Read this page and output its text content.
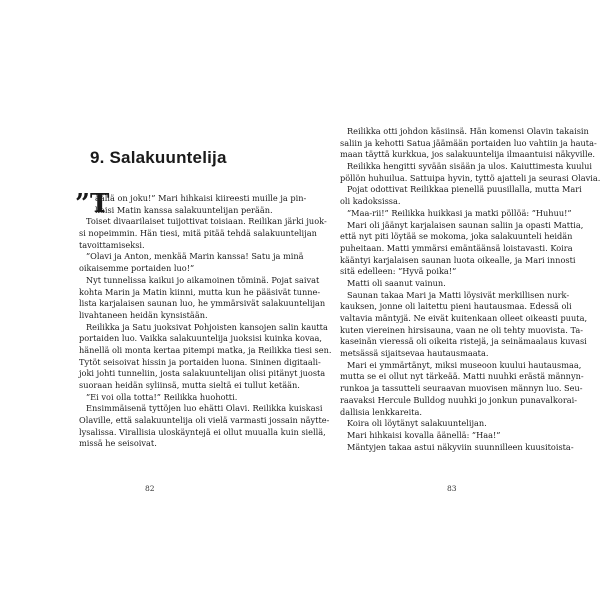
9. Salakuuntelija
”T
äällä on joku!” Mari hihkaisi kiireesti muille ja pin-
kaisi Matin kanssa salakuuntelijan perään.
Toiset divaarilaiset tuijottivat toisiaan. Reilikan järki juok-
si nopeimmin. Hän tiesi, mitä pitää tehdä salakuuntelijan
tavoittamiseksi.
”Olavi ja Anton, menkää Marin kanssa! Satu ja minä
oikaisemme portaiden luo!”
Nyt tunnelissa kaikui jo aikamoinen töminä. Pojat saivat
kohta Marin ja Matin kiinni, mutta kun he pääsivät tunne-
lista karjalaisen saunan luo, he ymmärsivät salakuuntelijan
livahtaneen heidän kynsistään.
Reilikka ja Satu juoksivat Pohjoisten kansojen salin kautta
portaiden luo. Vaikka salakuuntelija juoksisi kuinka kovaa,
hänellä oli monta kertaa pitempi matka, ja Reilikka tiesi sen.
Tytöt seisoivat hissin ja portaiden luona. Sininen digitaali-
joki johti tunneliin, josta salakuuntelijan olisi pitänyt juosta
suoraan heidän syliinsä, mutta sieltä ei tullut ketään.
”Ei voi olla totta!” Reilikka huohotti.
Ensimmäisenä tyttöjen luo ehätti Olavi. Reilikka kuiskasi
Olaville, että salakuuntelija oli vielä varmasti jossain näytte-
lysalissa. Virallisia uloskäyntejä ei ollut muualla kuin siellä,
missä he seisoivat.
82
Reilikka otti johdon käsiinsä. Hän komensi Olavin takaisin
saliin ja kehotti Satua jäämään portaiden luo vahtiin ja hauta-
maan täyttä kurkkua, jos salakuuntelija ilmaantuisi näkyville.
Reilikka hengitti syvään sisään ja ulos. Kaiuttimesta kuului
pöllön huhuilua. Sattuipa hyvin, tyttö ajatteli ja seurasi Olavia.
Pojat odottivat Reilikkaa pienellä puusillalla, mutta Mari
oli kadoksissa.
”Maa-rii!” Reilikka huikkasi ja matki pöllöä: ”Huhuu!”
Mari oli jäänyt karjalaisen saunan saliin ja opasti Mattia,
että nyt piti löytää se mokoma, joka salakuunteli heidän
puheitaan. Matti ymmärsi emäntäänsä loistavasti. Koira
kääntyi karjalaisen saunan luota oikealle, ja Mari innosti
sitä edelleen: ”Hyvä poika!”
Matti oli saanut vainun.
Saunan takaa Mari ja Matti löysivät merkillisen nurk-
kauksen, jonne oli laitettu pieni hautausmaa. Edessä oli
valtavia mäntyjä. Ne eivät kuitenkaan olleet oikeasti puuta,
kuten viereinen hirsisauna, vaan ne oli tehty muovista. Ta-
kaseinän vieressä oli oikeita ristejä, ja seinämaalaus kuvasi
metsässä sijaitsevaa hautausmaata.
Mari ei ymmärtänyt, miksi museoon kuului hautausmaa,
mutta se ei ollut nyt tärkeää. Matti nuuhki erästä männyn-
runkoa ja tassutteli seuraavan muovisen männyn luo. Seu-
raavaksi Hercule Bulldog nuuhki jo jonkun punavalkorai-
dallisia lenkkareita.
Koira oli löytänyt salakuuntelijan.
Mari hihkaisi kovalla äänellä: ”Haa!”
Mäntyjen takaa astui näkyviin suunnilleen kuusitoista-
83
